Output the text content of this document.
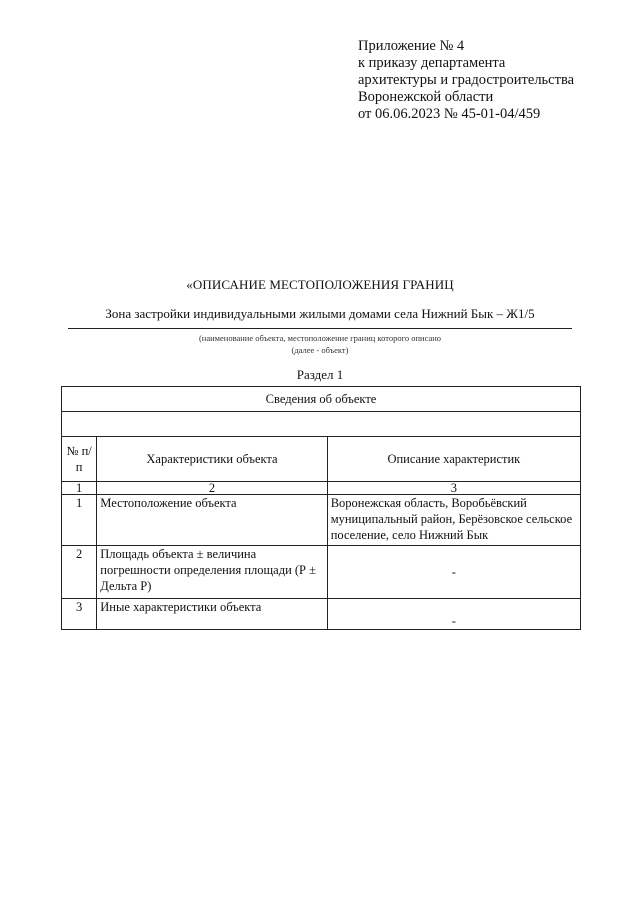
Приложение № 4
к приказу департамента
архитектуры и градостроительства
Воронежской области
от 06.06.2023 № 45-01-04/459
«ОПИСАНИЕ МЕСТОПОЛОЖЕНИЯ ГРАНИЦ
Зона застройки индивидуальными жилыми домами села Нижний Бык – Ж1/5
(наименование объекта, местоположение границ которого описано
(далее - объект)
Раздел 1
Сведения об объекте		

№ п/п	Характеристики объекта	Описание характеристик
1	2	3
1	Местоположение объекта	Воронежская область, Воробьёвский муниципальный район, Берёзовское сельское поселение, село Нижний Бык
2	Площадь объекта ± величина погрешности определения площади (Р ± Дельта Р)	-
3	Иные характеристики объекта	-
